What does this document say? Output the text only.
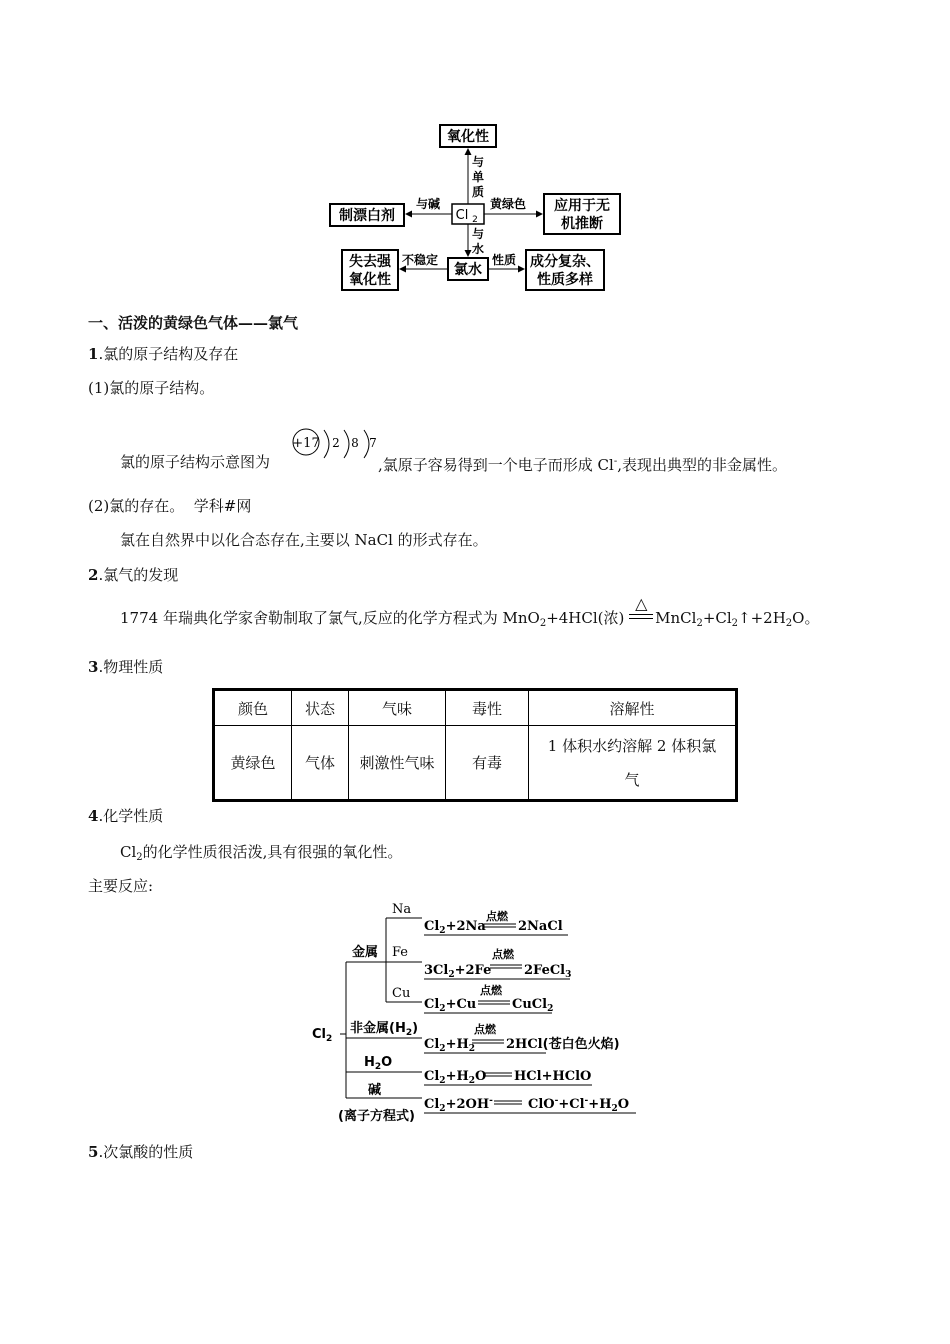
氧化性
制漂白剂	Cl 2
应用于无
机推断
氯水
失去强
氧化性
成分复杂、
性质多样
与
单
质
与碱	黄绿色
与
水
不稳定	性质
一、活泼的黄绿色气体——氯气
1.氯的原子结构及存在
(1)氯的原子结构。
+17 2 8 7
氯的原子结构示意图为	,氯原子容易得到一个电子而形成 Cl-,表现出典型的非金属性。
(2)氯的存在。 学科#网
氯在自然界中以化合态存在,主要以 NaCl 的形式存在。
2.氯气的发现
1774 年瑞典化学家舍勒制取了氯气,反应的化学方程式为 MnO$_2$+4HCl(浓)
△
$MnCl_2+Cl_2↑+2H_2O$。
3.物理性质
颜色	状态	气味	毒性	溶解性
黄绿色	气体	刺激性气味	有毒	1 体积水约溶解 2 体积氯气
4.化学性质
$Cl_2$的化学性质很活泼,具有很强的氧化性。
主要反应:
$Cl_2$
金属
Na
Fe
Cu
非金属$(H_2)$
$H_2O$
碱
(离子方程式)
$Cl_2+2Na$
点燃
2NaCl
$3Cl_2+2Fe$
点燃
2FeCl$_3$
$Cl_2+Cu$
点燃
CuCl$_2$
$Cl_2+H_2$
点燃
2HCl(苍白色火焰)
$Cl_2+H_2O$ HCl+HClO
$Cl_2+2OH^-$	$ClO^-+Cl^-+H_2O$
5.次氯酸的性质
